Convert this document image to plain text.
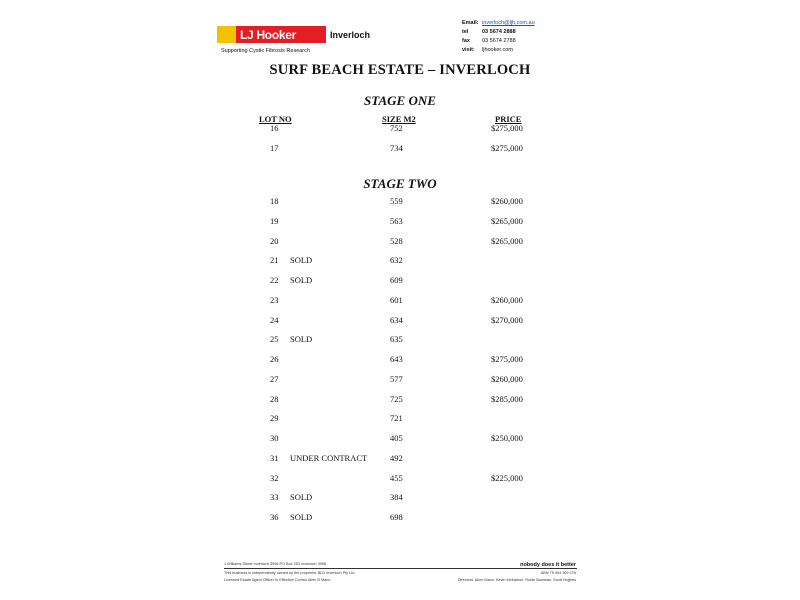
LJ Hooker	Inverloch
Supporting Cystic Fibrosis Research
Email: inverloch@ljh.com.au
tel	03 5674 2888
fax	03 5674 2788
visit:	ljhooker.com
SURF BEACH ESTATE – INVERLOCH
STAGE ONE
LOT NO	SIZE M2	PRICE
16	752	$275,000
17	734	$275,000
STAGE TWO
18	559	$260,000
19	563	$265,000
20	528	$265,000
21 SOLD	632
22 SOLD	609
23	601	$260,000
24	634	$270,000
25 SOLD	635
26	643	$275,000
27	577	$260,000
28	725	$285,000
29	721
30	405	$250,000
31 UNDER CONTRACT	492
32	455	$225,000
33 SOLD	384
36 SOLD	698
1 Williams Street Inverloch 3996 PO Box 253 Inverloch 3996	nobody does it better
This business is independently owned by the proprietor BLD Inverloch Pty Ltd	ABN 75 494 302 076
Licensed Estate Agent Officer In Effective Control Allen B Mann	Directors: Allen Mann, Kevin McMahon, Rubie Bowman, Scott Hughes
